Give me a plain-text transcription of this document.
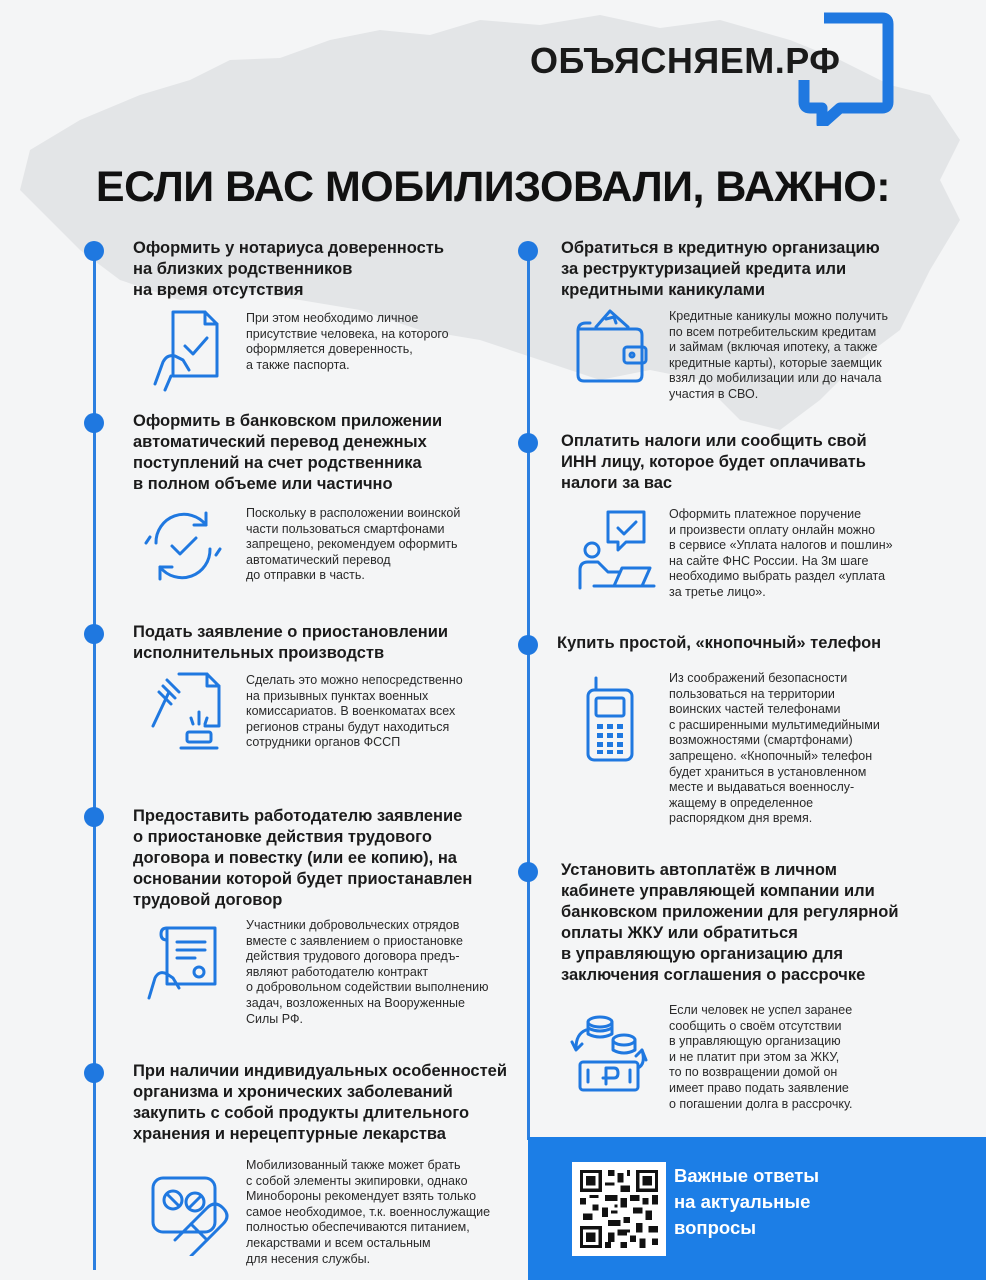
ОБЪЯСНЯЕМ.РФ
ЕСЛИ ВАС МОБИЛИЗОВАЛИ, ВАЖНО:
Оформить у нотариуса доверенность
на близких родственников
на время отсутствия
При этом необходимо личное
присутствие человека, на которого
оформляется доверенность,
а также паспорта.
Оформить в банковском приложении
автоматический перевод денежных
поступлений на счет родственника
в полном объеме или частично
Поскольку в расположении воинской
части пользоваться смартфонами
запрещено, рекомендуем оформить
автоматический перевод
до отправки в часть.
Подать заявление о приостановлении
исполнительных производств
Сделать это можно непосредственно
на призывных пунктах военных
комиссариатов. В военкоматах всех
регионов страны будут находиться
сотрудники органов ФССП
Предоставить работодателю заявление
о приостановке действия трудового
договора и повестку (или ее копию), на
основании которой будет приостанавлен
трудовой договор
Участники добровольческих отрядов
вместе с заявлением о приостановке
действия трудового договора предъ-
являют работодателю контракт
о добровольном содействии выполнению
задач, возложенных на Вооруженные
Силы РФ.
При наличии индивидуальных особенностей
организма и хронических заболеваний
закупить с собой продукты длительного
хранения и нерецептурные лекарства
Мобилизованный также может брать
с собой элементы экипировки, однако
Минобороны рекомендует взять только
самое необходимое, т.к. военнослужащие
полностью обеспечиваются питанием,
лекарствами и всем остальным
для несения службы.
Обратиться в кредитную организацию
за реструктуризацией кредита или
кредитными каникулами
Кредитные каникулы можно получить
по всем потребительским кредитам
и займам (включая ипотеку, а также
кредитные карты), которые заемщик
взял до мобилизации или до начала
участия в СВО.
Оплатить налоги или сообщить свой
ИНН лицу, которое будет оплачивать
налоги за вас
Оформить платежное поручение
и произвести оплату онлайн можно
в сервисе «Уплата налогов и пошлин»
на сайте ФНС России. На 3м шаге
необходимо выбрать раздел «уплата
за третье лицо».
Купить простой, «кнопочный» телефон
Из соображений безопасности
пользоваться на территории
воинских частей телефонами
с расширенными мультимедийными
возможностями (смартфонами)
запрещено. «Кнопочный» телефон
будет храниться в установленном
месте и выдаваться военнослу-
жащему в определенное
распорядком дня время.
Установить автоплатёж в личном
кабинете управляющей компании или
банковском приложении для регулярной
оплаты ЖКУ или обратиться
в управляющую организацию для
заключения соглашения о рассрочке
Если человек не успел заранее
сообщить о своём отсутствии
в управляющую организацию
и не платит при этом за ЖКУ,
то по возвращении домой он
имеет право подать заявление
о погашении долга в рассрочку.
Важные ответы
на актуальные
вопросы
